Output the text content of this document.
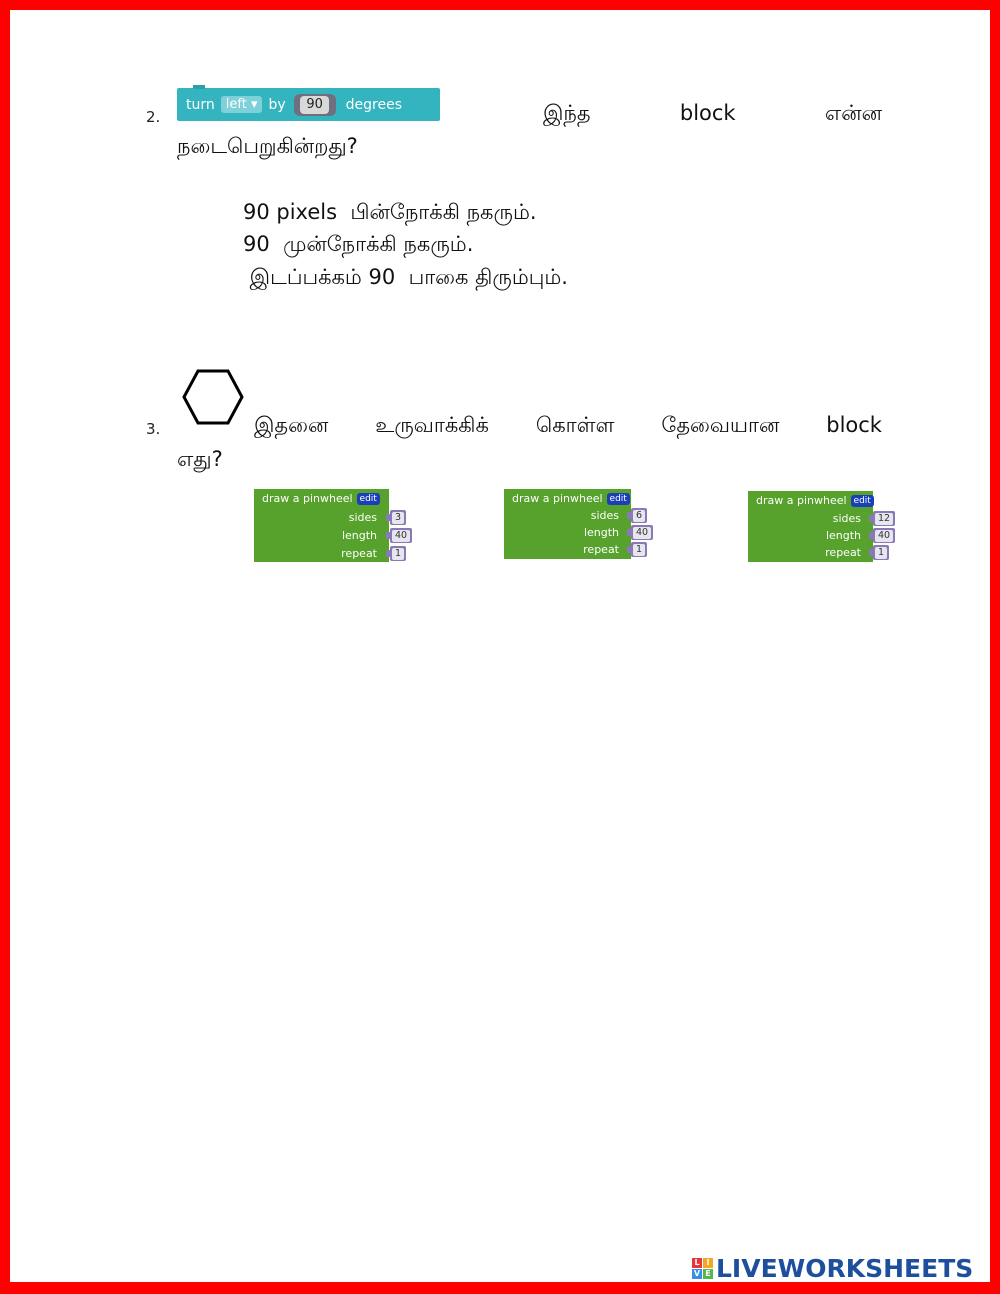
2.
turn left ▾ by	90	degrees	இந்த	block	என்ன
நடைபெறுகின்றது?
90 pixels  பின்நோக்கி நகரும்.
90  முன்நோக்கி நகரும்.
இடப்பக்கம் 90  பாகை திரும்பும்.
3.	இதனை உருவாக்கிக் கொள்ள தேவையான block
எது?
draw a pinwheel edit
sides	3
length	40
repeat	1
draw a pinwheel edit
sides	6
length	40
repeat	1
draw a pinwheel edit
sides	12
length	40
repeat	1
L I
V E LIVEWORKSHEETS
